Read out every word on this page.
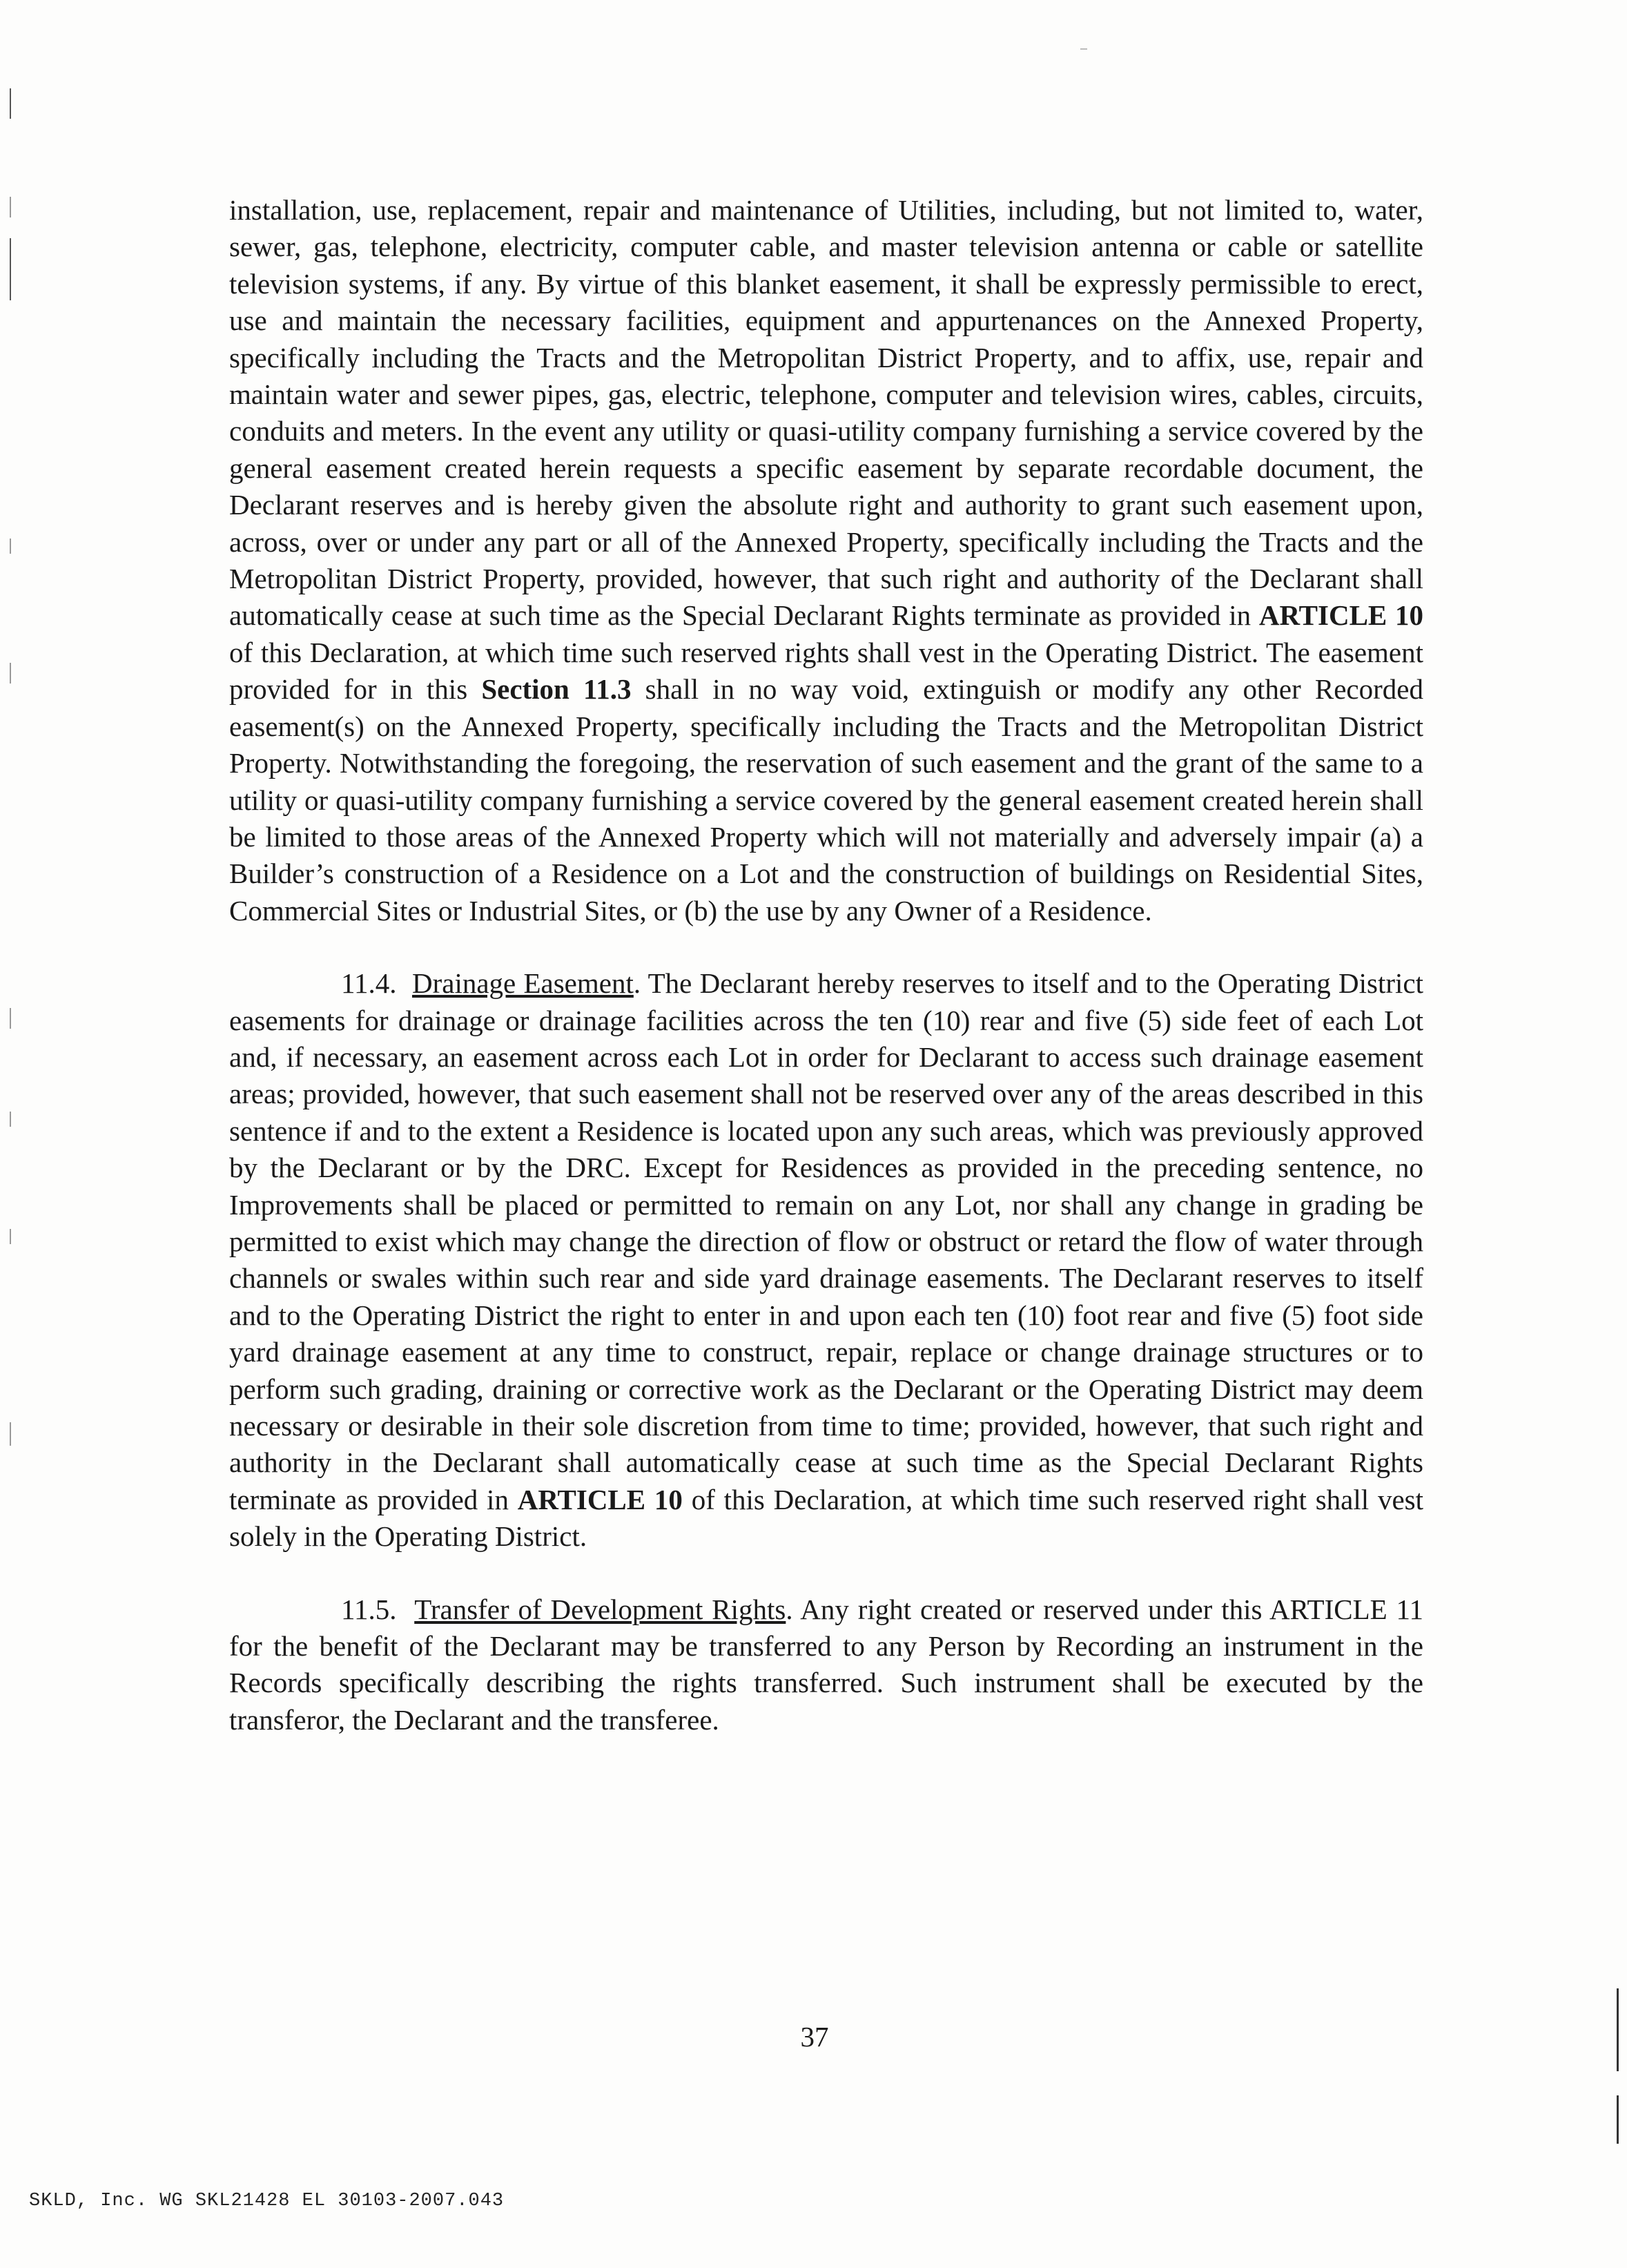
installation, use, replacement, repair and maintenance of Utilities, including, but not limited to, water, sewer, gas, telephone, electricity, computer cable, and master television antenna or cable or satellite television systems, if any. By virtue of this blanket easement, it shall be expressly permissible to erect, use and maintain the necessary facilities, equipment and appurtenances on the Annexed Property, specifically including the Tracts and the Metropolitan District Property, and to affix, use, repair and maintain water and sewer pipes, gas, electric, telephone, computer and television wires, cables, circuits, conduits and meters. In the event any utility or quasi-utility company furnishing a service covered by the general easement created herein requests a specific easement by separate recordable document, the Declarant reserves and is hereby given the absolute right and authority to grant such easement upon, across, over or under any part or all of the Annexed Property, specifically including the Tracts and the Metropolitan District Property, provided, however, that such right and authority of the Declarant shall automatically cease at such time as the Special Declarant Rights terminate as provided in ARTICLE 10 of this Declaration, at which time such reserved rights shall vest in the Operating District. The easement provided for in this Section 11.3 shall in no way void, extinguish or modify any other Recorded easement(s) on the Annexed Property, specifically including the Tracts and the Metropolitan District Property. Notwithstanding the foregoing, the reservation of such easement and the grant of the same to a utility or quasi-utility company furnishing a service covered by the general easement created herein shall be limited to those areas of the Annexed Property which will not materially and adversely impair (a) a Builder’s construction of a Residence on a Lot and the construction of buildings on Residential Sites, Commercial Sites or Industrial Sites, or (b) the use by any Owner of a Residence.

11.4. Drainage Easement. The Declarant hereby reserves to itself and to the Operating District easements for drainage or drainage facilities across the ten (10) rear and five (5) side feet of each Lot and, if necessary, an easement across each Lot in order for Declarant to access such drainage easement areas; provided, however, that such easement shall not be reserved over any of the areas described in this sentence if and to the extent a Residence is located upon any such areas, which was previously approved by the Declarant or by the DRC. Except for Residences as provided in the preceding sentence, no Improvements shall be placed or permitted to remain on any Lot, nor shall any change in grading be permitted to exist which may change the direction of flow or obstruct or retard the flow of water through channels or swales within such rear and side yard drainage easements. The Declarant reserves to itself and to the Operating District the right to enter in and upon each ten (10) foot rear and five (5) foot side yard drainage easement at any time to construct, repair, replace or change drainage structures or to perform such grading, draining or corrective work as the Declarant or the Operating District may deem necessary or desirable in their sole discretion from time to time; provided, however, that such right and authority in the Declarant shall automatically cease at such time as the Special Declarant Rights terminate as provided in ARTICLE 10 of this Declaration, at which time such reserved right shall vest solely in the Operating District.

11.5. Transfer of Development Rights. Any right created or reserved under this ARTICLE 11 for the benefit of the Declarant may be transferred to any Person by Recording an instrument in the Records specifically describing the rights transferred. Such instrument shall be executed by the transferor, the Declarant and the transferee.

37
SKLD, Inc. WG SKL21428 EL 30103-2007.043
